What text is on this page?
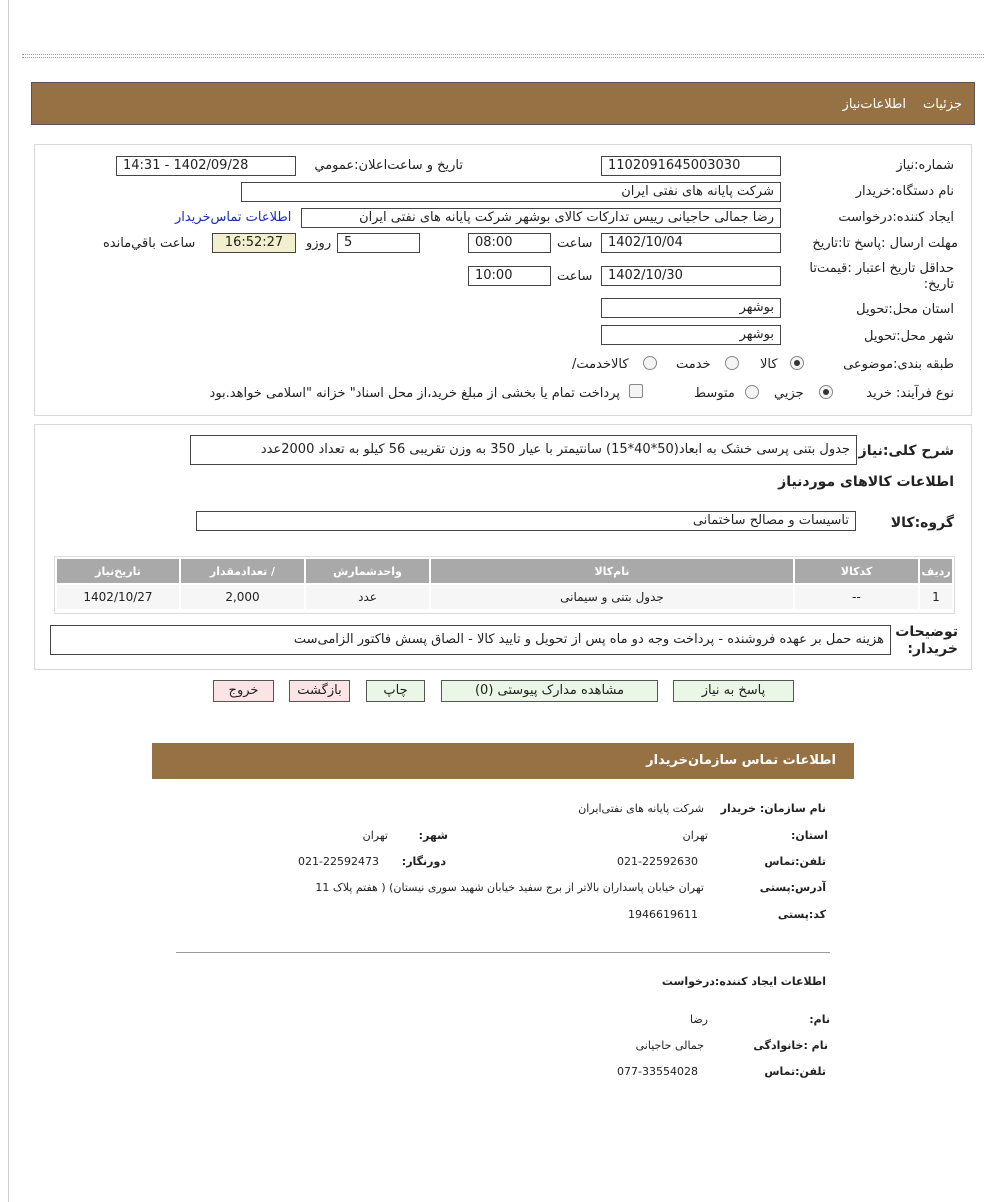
جزئیات
اطلاعات‌نیاز
شماره:نیاز
1102091645003030
تاریخ و ساعت‌اعلان:عمومي
1402/09/28 - 14:31
نام دستگاه:خریدار
شرکت پایانه های نفتی ایران
ایجاد کننده:درخواست
رضا جمالی حاجیانی رییس تداركات كالای بوشهر شركت پایانه های نفتی ایران
اطلاعات تماس‌خریدار
مهلت ارسال :پاسخ تا:تاریخ
1402/10/04
ساعت
08:00
5
روزو
16:52:27
ساعت باقي‌مانده
حداقل تاریخ اعتبار :قیمت‌تا
:تاریخ
1402/10/30
ساعت
10:00
استان محل:تحویل
بوشهر
شهر محل:تحویل
بوشهر
طبقه بندی:موضوعی
کالا
خدمت
/کالاخدمت
نوع فرآیند: خرید
جزيي
متوسط
پرداخت تمام یا بخشی از مبلغ خرید،از محل اسناد" خزانه "اسلامی خواهد.بود
شرح کلی:نیاز
جدول بتنی پرسی خشک به ابعاد(50*40*15) سانتیمتر با عیار 350 به وزن تقریبی 56 کیلو به تعداد 2000عدد
اطلاعات کالاهای موردنیاز
گروه:کالا
تاسیسات و مصالح ساختمانی
ردیف	کدکالا	نام‌کالا	واحدشمارش	/ تعدادمقدار	تاریخ‌نیاز
1	--	جدول بتنی و سیمانی	عدد	2,000	1402/10/27
توضیحات
:خریدار
هزینه حمل بر عهده فروشنده - پرداخت وجه دو ماه پس از تحویل و تایید کالا - الصاق پسش فاکتور الزامی‌ست
پاسخ به نیاز
مشاهده مدارک پیوستی (0)
چاپ
بازگشت
خروج
اطلاعات تماس سازمان‌خریدار
نام سازمان: خریدار
شرکت پایانه های نفتی‌ایران
:استان
تهران
:شهر
تهران
تلفن:تماس
021-22592630
:دورنگار
021-22592473
آدرس:پستی
تهران خیابان پاسداران بالاتر از برج سفید خیابان شهید سوری نیستان) ( هفتم پلاک 11
کد:پستی
1946619611
اطلاعات ایجاد کننده:درخواست
:نام
رضا
نام :خانوادگی
جمالی حاجیانی
تلفن:تماس
077-33554028
